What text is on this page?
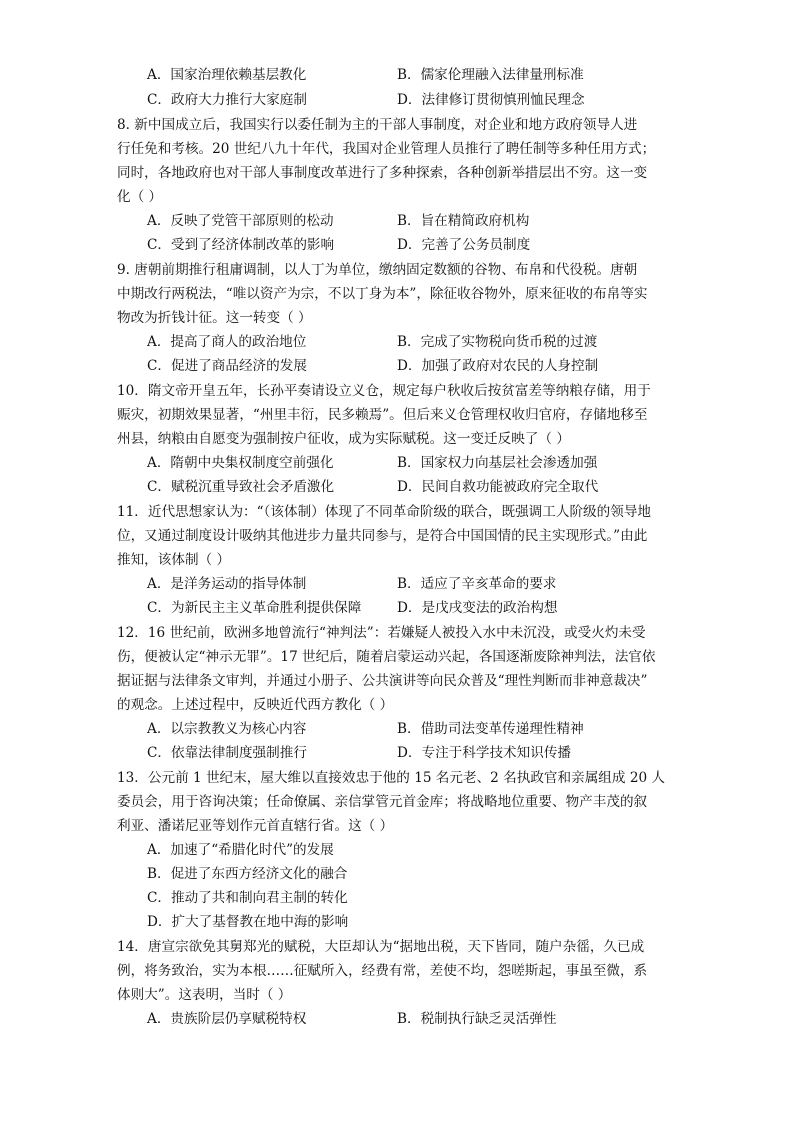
A．国家治理依赖基层教化	B．儒家伦理融入法律量刑标准
C．政府大力推行大家庭制	D．法律修订贯彻慎刑恤民理念
8. 新中国成立后，我国实行以委任制为主的干部人事制度，对企业和地方政府领导人进
行任免和考核。20 世纪八九十年代，我国对企业管理人员推行了聘任制等多种任用方式；
同时，各地政府也对干部人事制度改革进行了多种探索，各种创新举措层出不穷。这一变
化（ ）
A．反映了党管干部原则的松动	B．旨在精简政府机构
C．受到了经济体制改革的影响	D．完善了公务员制度
9. 唐朝前期推行租庸调制，以人丁为单位，缴纳固定数额的谷物、布帛和代役税。唐朝
中期改行两税法，“唯以资产为宗，不以丁身为本”，除征收谷物外，原来征收的布帛等实
物改为折钱计征。这一转变（ ）
A．提高了商人的政治地位	B．完成了实物税向货币税的过渡
C．促进了商品经济的发展	D．加强了政府对农民的人身控制
10．隋文帝开皇五年，长孙平奏请设立义仓，规定每户秋收后按贫富差等纳粮存储，用于
赈灾，初期效果显著，“州里丰衍，民多赖焉”。但后来义仓管理权收归官府，存储地移至
州县，纳粮由自愿变为强制按户征收，成为实际赋税。这一变迁反映了（ ）
A．隋朝中央集权制度空前强化	B．国家权力向基层社会渗透加强
C．赋税沉重导致社会矛盾激化	D．民间自救功能被政府完全取代
11．近代思想家认为：“（该体制）体现了不同革命阶级的联合，既强调工人阶级的领导地
位，又通过制度设计吸纳其他进步力量共同参与，是符合中国国情的民主实现形式。”由此
推知，该体制（ ）
A．是洋务运动的指导体制	B．适应了辛亥革命的要求
C．为新民主主义革命胜利提供保障	D．是戊戌变法的政治构想
12．16 世纪前，欧洲多地曾流行“神判法”：若嫌疑人被投入水中未沉没，或受火灼未受
伤，便被认定“神示无罪”。17 世纪后，随着启蒙运动兴起，各国逐渐废除神判法，法官依
据证据与法律条文审判，并通过小册子、公共演讲等向民众普及“理性判断而非神意裁决”
的观念。上述过程中，反映近代西方教化（ ）
A．以宗教教义为核心内容	B．借助司法变革传递理性精神
C．依靠法律制度强制推行	D．专注于科学技术知识传播
13．公元前 1 世纪末，屋大维以直接效忠于他的 15 名元老、2 名执政官和亲属组成 20 人
委员会，用于咨询决策；任命僚属、亲信掌管元首金库；将战略地位重要、物产丰茂的叙
利亚、潘诺尼亚等划作元首直辖行省。这（ ）
A．加速了“希腊化时代”的发展
B．促进了东西方经济文化的融合
C．推动了共和制向君主制的转化
D．扩大了基督教在地中海的影响
14．唐宣宗欲免其舅郑光的赋税，大臣却认为“据地出税，天下皆同，随户杂徭，久已成
例，将务致治，实为本根……征赋所入，经费有常，差使不均，怨嗟斯起，事虽至微，系
体则大”。这表明，当时（ ）
A．贵族阶层仍享赋税特权	B．税制执行缺乏灵活弹性
